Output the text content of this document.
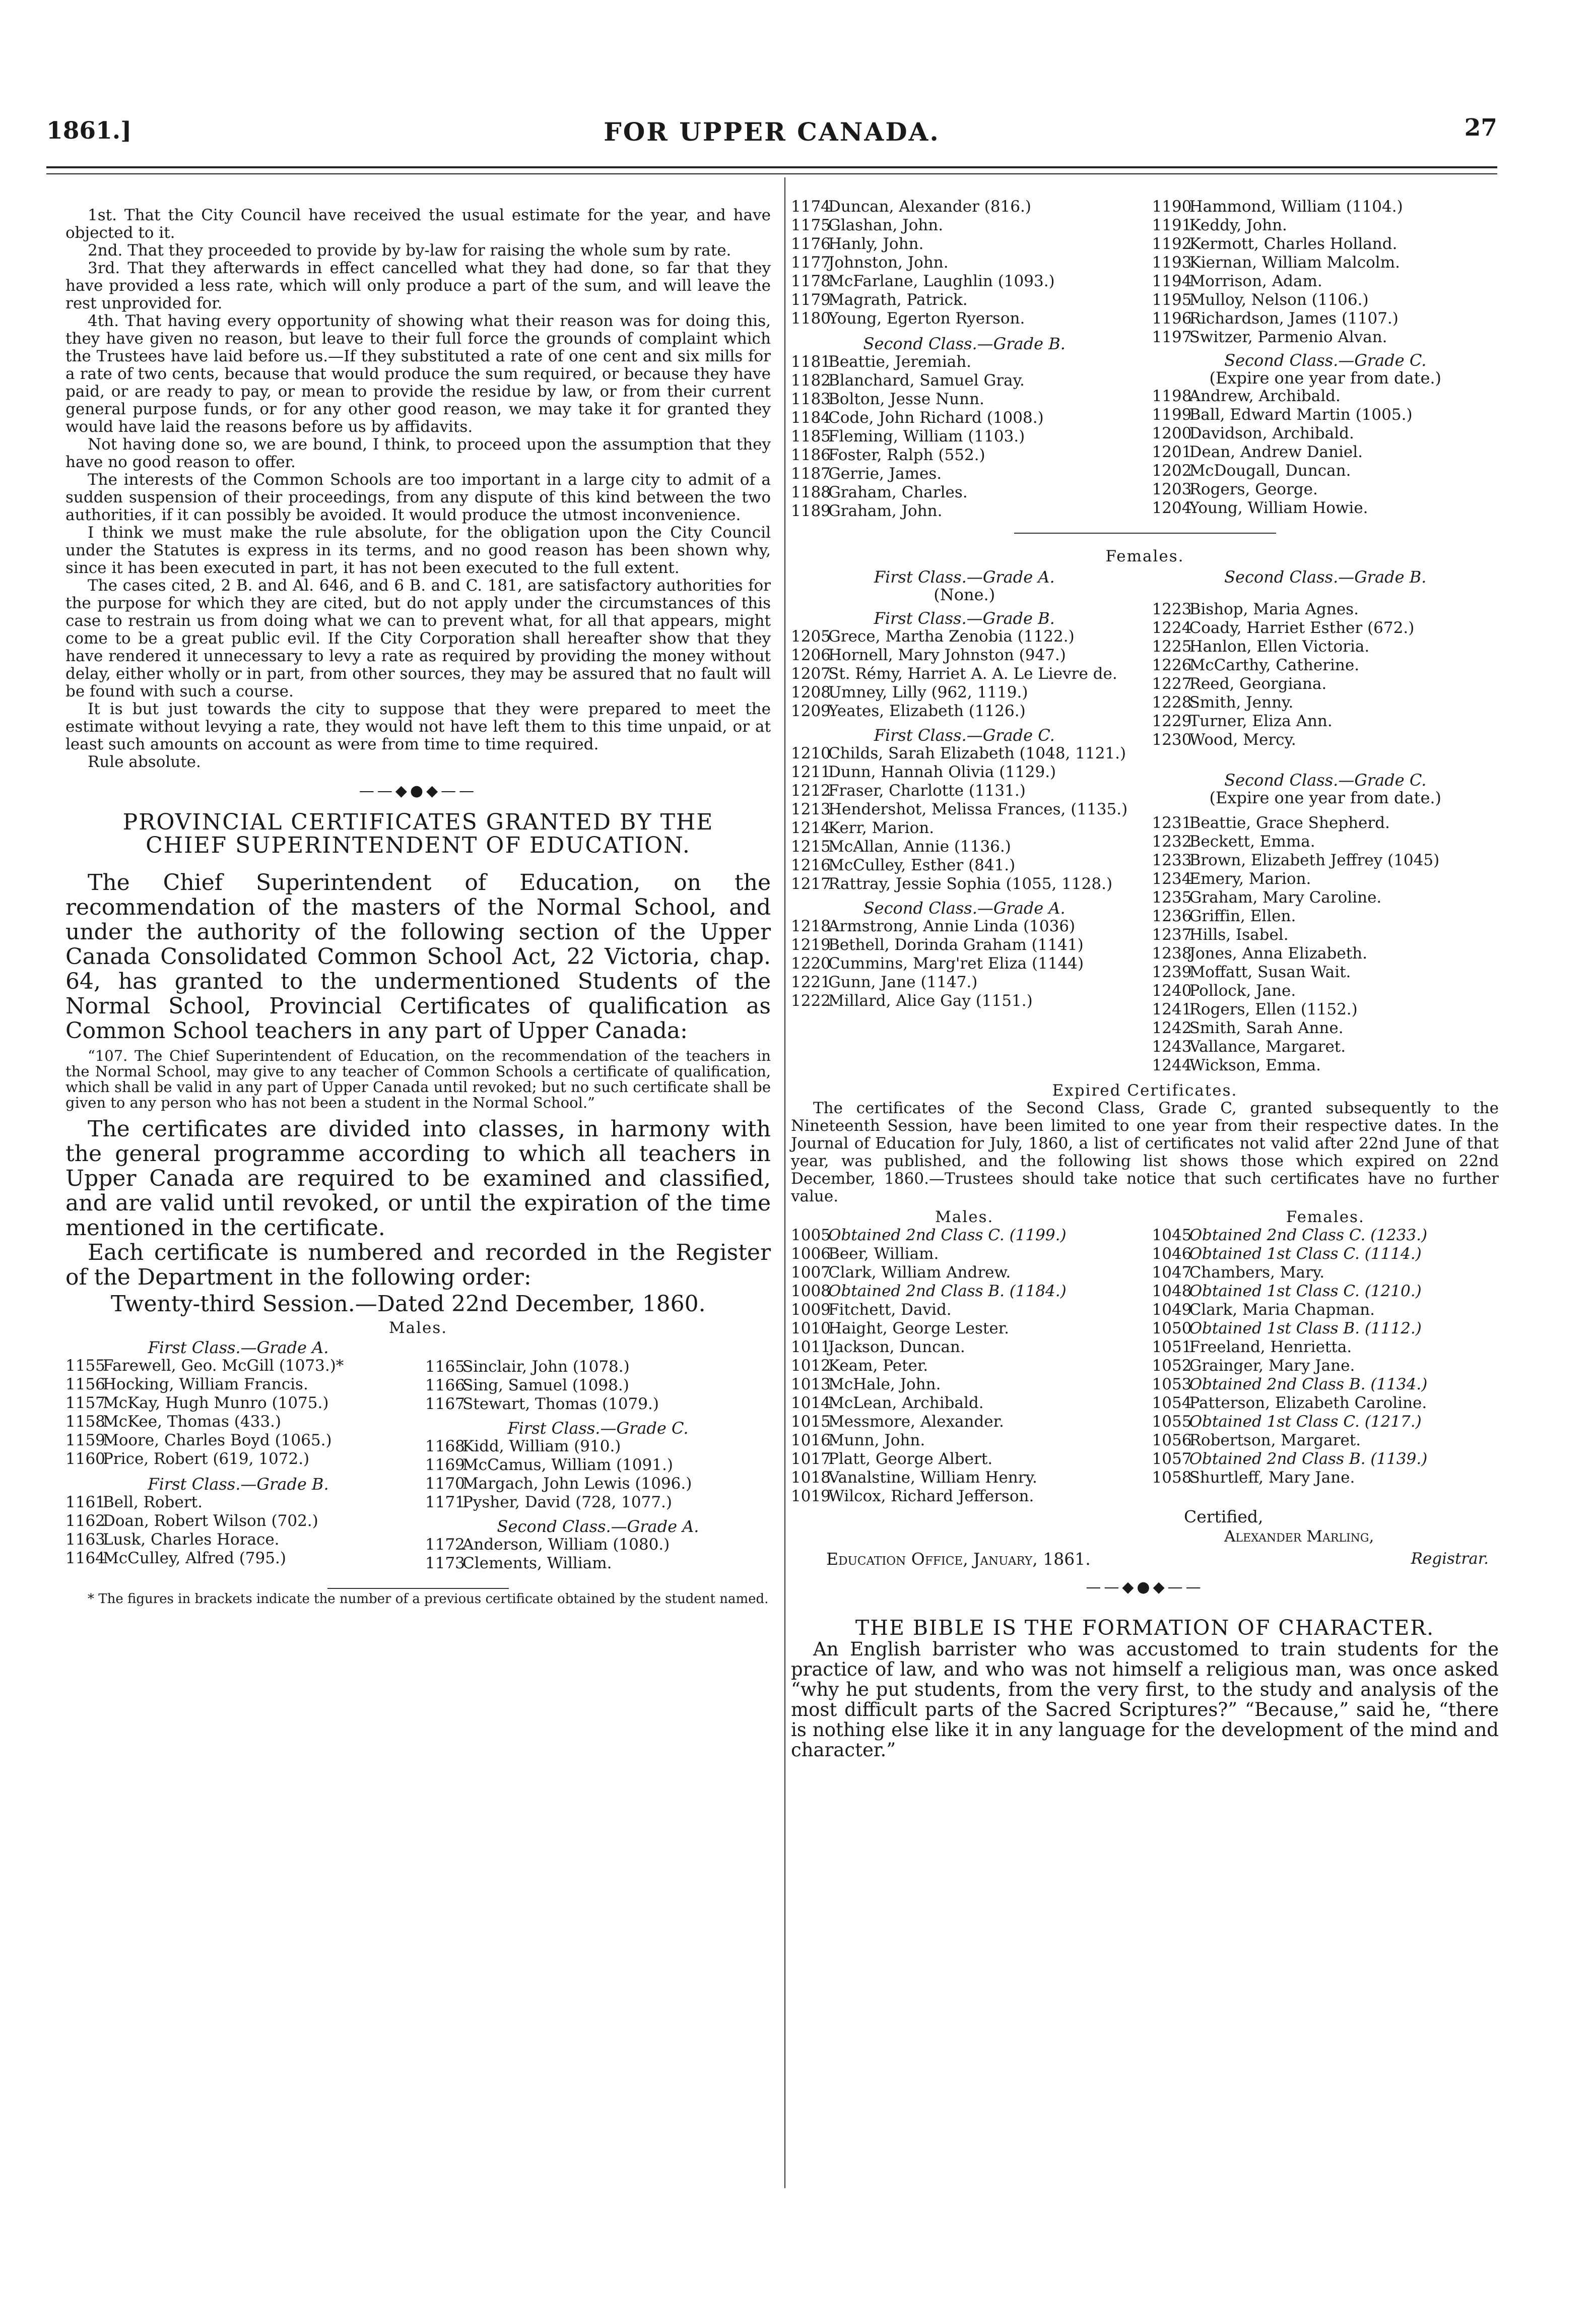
1861.]	FOR UPPER CANADA.	27

1st. That the City Council have received the usual estimate for the year, and have objected to it.

2nd. That they proceeded to provide by by-law for raising the whole sum by rate.

3rd. That they afterwards in effect cancelled what they had done, so far that they have provided a less rate, which will only produce a part of the sum, and will leave the rest unprovided for.

4th. That having every opportunity of showing what their reason was for doing this, they have given no reason, but leave to their full force the grounds of complaint which the Trustees have laid before us.—If they substituted a rate of one cent and six mills for a rate of two cents, because that would produce the sum required, or because they have paid, or are ready to pay, or mean to provide the residue by law, or from their current general purpose funds, or for any other good reason, we may take it for granted they would have laid the reasons before us by affidavits.

Not having done so, we are bound, I think, to proceed upon the assumption that they have no good reason to offer.

The interests of the Common Schools are too important in a large city to admit of a sudden suspension of their proceedings, from any dispute of this kind between the two authorities, if it can possibly be avoided. It would produce the utmost inconvenience.

I think we must make the rule absolute, for the obligation upon the City Council under the Statutes is express in its terms, and no good reason has been shown why, since it has been executed in part, it has not been executed to the full extent.

The cases cited, 2 B. and Al. 646, and 6 B. and C. 181, are satisfactory authorities for the purpose for which they are cited, but do not apply under the circumstances of this case to restrain us from doing what we can to prevent what, for all that appears, might come to be a great public evil. If the City Corporation shall hereafter show that they have rendered it unnecessary to levy a rate as required by providing the money without delay, either wholly or in part, from other sources, they may be assured that no fault will be found with such a course.

It is but just towards the city to suppose that they were prepared to meet the estimate without levying a rate, they would not have left them to this time unpaid, or at least such amounts on account as were from time to time required.

Rule absolute.

——◆●◆——

PROVINCIAL CERTIFICATES GRANTED BY THE
CHIEF SUPERINTENDENT OF EDUCATION.

The Chief Superintendent of Education, on the recommendation of the masters of the Normal School, and under the authority of the following section of the Upper Canada Consolidated Common School Act, 22 Victoria, chap. 64, has granted to the undermentioned Students of the Normal School, Provincial Certificates of qualification as Common School teachers in any part of Upper Canada:

“107. The Chief Superintendent of Education, on the recommendation of the teachers in the Normal School, may give to any teacher of Common Schools a certificate of qualification, which shall be valid in any part of Upper Canada until revoked; but no such certificate shall be given to any person who has not been a student in the Normal School.”

The certificates are divided into classes, in harmony with the general programme according to which all teachers in Upper Canada are required to be examined and classified, and are valid until revoked, or until the expiration of the time mentioned in the certificate.

Each certificate is numbered and recorded in the Register of the Department in the following order:

Twenty-third Session.—Dated 22nd December, 1860.

Males.
First Class.—Grade A.
1155Farewell, Geo. McGill (1073.)*
1156Hocking, William Francis.
1157McKay, Hugh Munro (1075.)
1158McKee, Thomas (433.)
1159Moore, Charles Boyd (1065.)
1160Price, Robert (619, 1072.)
First Class.—Grade B.
1161Bell, Robert.
1162Doan, Robert Wilson (702.)
1163Lusk, Charles Horace.
1164McCulley, Alfred (795.)
1165Sinclair, John (1078.)
1166Sing, Samuel (1098.)
1167Stewart, Thomas (1079.)
First Class.—Grade C.
1168Kidd, William (910.)
1169McCamus, William (1091.)
1170Margach, John Lewis (1096.)
1171Pysher, David (728, 1077.)
Second Class.—Grade A.
1172Anderson, William (1080.)
1173Clements, William.

* The figures in brackets indicate the number of a previous certificate obtained by the student named.

1174Duncan, Alexander (816.)
1175Glashan, John.
1176Hanly, John.
1177Johnston, John.
1178McFarlane, Laughlin (1093.)
1179Magrath, Patrick.
1180Young, Egerton Ryerson.
Second Class.—Grade B.
1181Beattie, Jeremiah.
1182Blanchard, Samuel Gray.
1183Bolton, Jesse Nunn.
1184Code, John Richard (1008.)
1185Fleming, William (1103.)
1186Foster, Ralph (552.)
1187Gerrie, James.
1188Graham, Charles.
1189Graham, John.
1190Hammond, William (1104.)
1191Keddy, John.
1192Kermott, Charles Holland.
1193Kiernan, William Malcolm.
1194Morrison, Adam.
1195Mulloy, Nelson (1106.)
1196Richardson, James (1107.)
1197Switzer, Parmenio Alvan.
Second Class.—Grade C.
(Expire one year from date.)
1198Andrew, Archibald.
1199Ball, Edward Martin (1005.)
1200Davidson, Archibald.
1201Dean, Andrew Daniel.
1202McDougall, Duncan.
1203Rogers, George.
1204Young, William Howie.
Females.
First Class.—Grade A.
(None.)
First Class.—Grade B.
1205Grece, Martha Zenobia (1122.)
1206Hornell, Mary Johnston (947.)
1207St. Rémy, Harriet A. A. Le Lievre de.
1208Umney, Lilly (962, 1119.)
1209Yeates, Elizabeth (1126.)
First Class.—Grade C.
1210Childs, Sarah Elizabeth (1048, 1121.)
1211Dunn, Hannah Olivia (1129.)
1212Fraser, Charlotte (1131.)
1213Hendershot, Melissa Frances, (1135.)
1214Kerr, Marion.
1215McAllan, Annie (1136.)
1216McCulley, Esther (841.)
1217Rattray, Jessie Sophia (1055, 1128.)
Second Class.—Grade A.
1218Armstrong, Annie Linda (1036)
1219Bethell, Dorinda Graham (1141)
1220Cummins, Marg'ret Eliza (1144)
1221Gunn, Jane (1147.)
1222Millard, Alice Gay (1151.)
Second Class.—Grade B.
1223Bishop, Maria Agnes.
1224Coady, Harriet Esther (672.)
1225Hanlon, Ellen Victoria.
1226McCarthy, Catherine.
1227Reed, Georgiana.
1228Smith, Jenny.
1229Turner, Eliza Ann.
1230Wood, Mercy.
Second Class.—Grade C.
(Expire one year from date.)
1231Beattie, Grace Shepherd.
1232Beckett, Emma.
1233Brown, Elizabeth Jeffrey (1045)
1234Emery, Marion.
1235Graham, Mary Caroline.
1236Griffin, Ellen.
1237Hills, Isabel.
1238Jones, Anna Elizabeth.
1239Moffatt, Susan Wait.
1240Pollock, Jane.
1241Rogers, Ellen (1152.)
1242Smith, Sarah Anne.
1243Vallance, Margaret.
1244Wickson, Emma.
Expired Certificates.

The certificates of the Second Class, Grade C, granted subsequently to the Nineteenth Session, have been limited to one year from their respective dates. In the Journal of Education for July, 1860, a list of certificates not valid after 22nd June of that year, was published, and the following list shows those which expired on 22nd December, 1860.—Trustees should take notice that such certificates have no further value.

Males.
1005Obtained 2nd Class C. (1199.)
1006Beer, William.
1007Clark, William Andrew.
1008Obtained 2nd Class B. (1184.)
1009Fitchett, David.
1010Haight, George Lester.
1011Jackson, Duncan.
1012Keam, Peter.
1013McHale, John.
1014McLean, Archibald.
1015Messmore, Alexander.
1016Munn, John.
1017Platt, George Albert.
1018Vanalstine, William Henry.
1019Wilcox, Richard Jefferson.
Females.
1045Obtained 2nd Class C. (1233.)
1046Obtained 1st Class C. (1114.)
1047Chambers, Mary.
1048Obtained 1st Class C. (1210.)
1049Clark, Maria Chapman.
1050Obtained 1st Class B. (1112.)
1051Freeland, Henrietta.
1052Grainger, Mary Jane.
1053Obtained 2nd Class B. (1134.)
1054Patterson, Elizabeth Caroline.
1055Obtained 1st Class C. (1217.)
1056Robertson, Margaret.
1057Obtained 2nd Class B. (1139.)
1058Shurtleff, Mary Jane.
Certified,
Alexander Marling,
Education Office, January, 1861.	Registrar.
——◆●◆——

THE BIBLE IS THE FORMATION OF CHARACTER.

An English barrister who was accustomed to train students for the practice of law, and who was not himself a religious man, was once asked “why he put students, from the very first, to the study and analysis of the most difficult parts of the Sacred Scriptures?” “Because,” said he, “there is nothing else like it in any language for the development of the mind and character.”
